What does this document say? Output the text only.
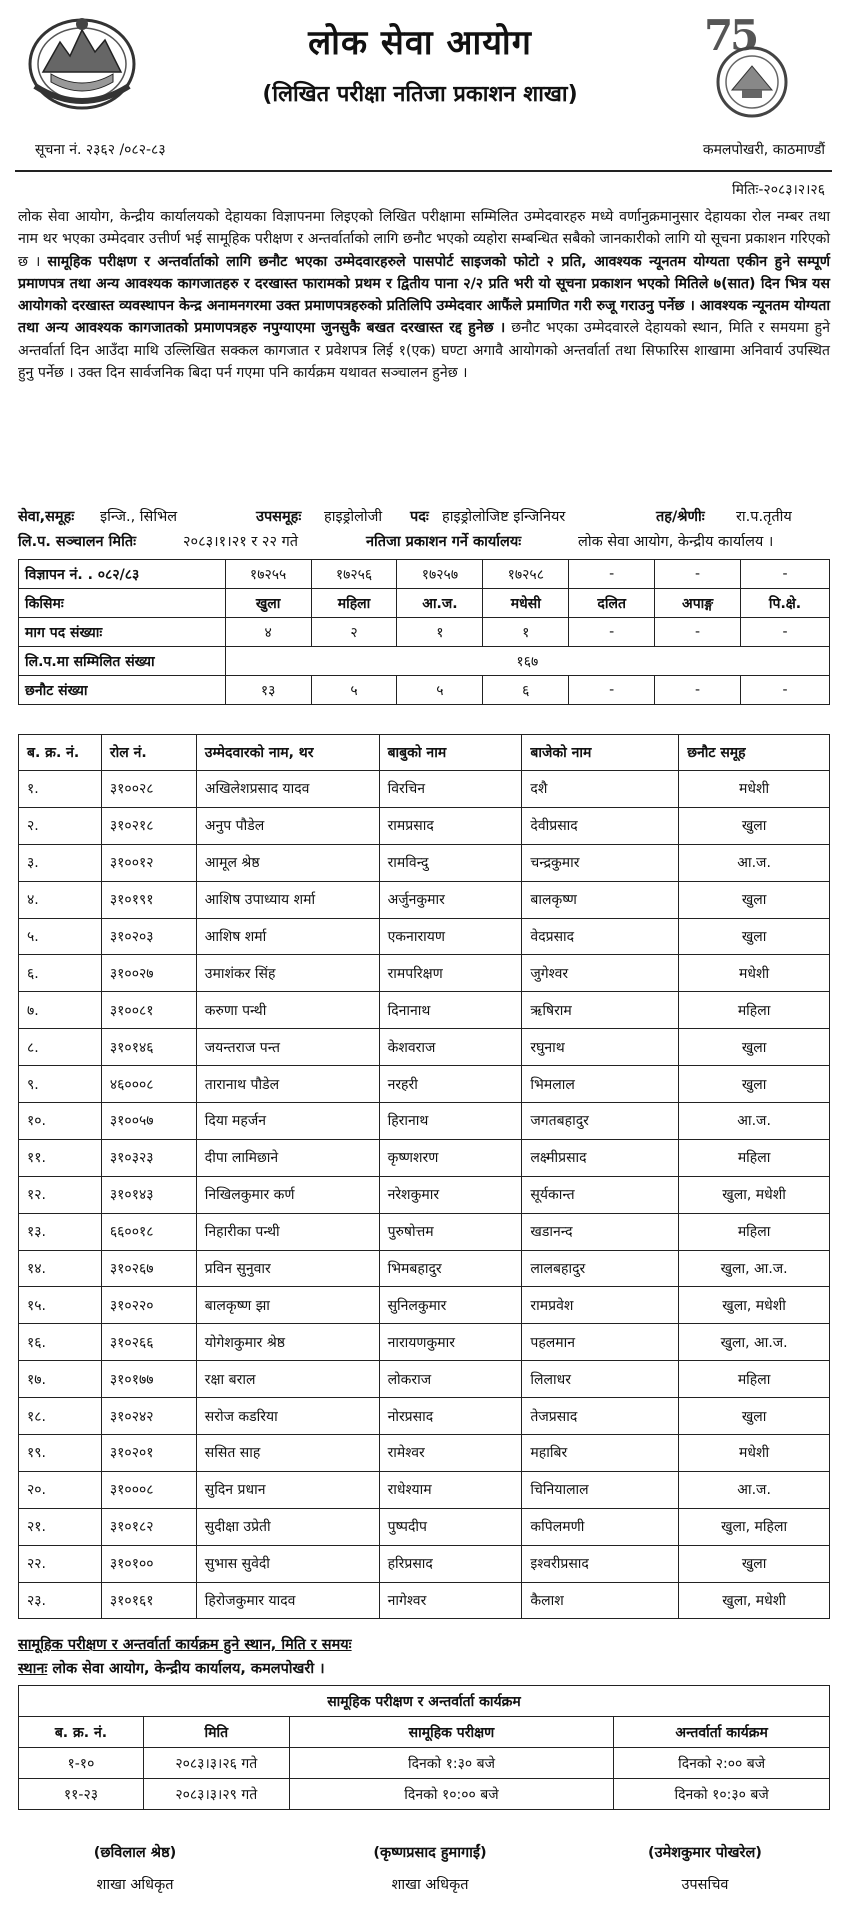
लोक सेवा आयोग
(लिखित परीक्षा नतिजा प्रकाशन शाखा)
7
5
सूचना नं. २३६२ /०८२-८३	कमलपोखरी, काठमाण्डौं
मितिः-२०८३।२।२६
लोक सेवा आयोग, केन्द्रीय कार्यालयको देहायका विज्ञापनमा लिइएको लिखित परीक्षामा सम्मिलित उम्मेदवारहरु मध्ये वर्णानुक्रमानुसार देहायका रोल नम्बर तथा नाम थर भएका उम्मेदवार उत्तीर्ण भई सामूहिक परीक्षण र अन्तर्वार्ताको लागि छनौट भएको व्यहोरा सम्बन्धित सबैको जानकारीको लागि यो सूचना प्रकाशन गरिएको छ । सामूहिक परीक्षण र अन्तर्वार्ताको लागि छनौट भएका उम्मेदवारहरुले पासपोर्ट साइजको फोटो २ प्रति, आवश्यक न्यूनतम योग्यता एकीन हुने सम्पूर्ण प्रमाणपत्र तथा अन्य आवश्यक कागजातहरु र दरखास्त फारामको प्रथम र द्वितीय पाना २/२ प्रति भरी यो सूचना प्रकाशन भएको मितिले ७(सात) दिन भित्र यस आयोगको दरखास्त व्यवस्थापन केन्द्र अनामनगरमा उक्त प्रमाणपत्रहरुको प्रतिलिपि उम्मेदवार आफैंले प्रमाणित गरी रुजू गराउनु पर्नेछ । आवश्यक न्यूनतम योग्यता तथा अन्य आवश्यक कागजातको प्रमाणपत्रहरु नपुग्याएमा जुनसुकै बखत दरखास्त रद्द हुनेछ । छनौट भएका उम्मेदवारले देहायको स्थान, मिति र समयमा हुने अन्तर्वार्ता दिन आउँदा माथि उल्लिखित सक्कल कागजात र प्रवेशपत्र लिई १(एक) घण्टा अगावै आयोगको अन्तर्वार्ता तथा सिफारिस शाखामा अनिवार्य उपस्थित हुनु पर्नेछ । उक्त दिन सार्वजनिक बिदा पर्न गएमा पनि कार्यक्रम यथावत सञ्चालन हुनेछ ।
सेवा,समूहः इन्जि., सिभिल	उपसमूहः हाइड्रोलोजी पदः हाइड्रोलोजिष्ट इन्जिनियर	तह/श्रेणीः रा.प.तृतीय
लि.प. सञ्चालन मितिः	२०८३।१।२१ र २२ गते	नतिजा प्रकाशन गर्ने कार्यालयः	लोक सेवा आयोग, केन्द्रीय कार्यालय ।
विज्ञापन नं. . ०८२/८३	१७२५५	१७२५६	१७२५७	१७२५८	-	-	-
किसिमः	खुला	महिला	आ.ज.	मधेसी	दलित	अपाङ्ग	पि.क्षे.
माग पद संख्याः	४	२	१	१	-	-	-
लि.प.मा सम्मिलित संख्या	१६७						
छनौट संख्या	१३	५	५	६	-	-	-
ब. क्र. नं.	रोल नं.	उम्मेदवारको नाम, थर	बाबुको नाम	बाजेको नाम	छनौट समूह
१.	३१००२८	अखिलेशप्रसाद यादव	विरचिन	दशै	मधेशी
२.	३१०२१८	अनुप पौडेल	रामप्रसाद	देवीप्रसाद	खुला
३.	३१००१२	आमूल श्रेष्ठ	रामविन्दु	चन्द्रकुमार	आ.ज.
४.	३१०१९१	आशिष उपाध्याय शर्मा	अर्जुनकुमार	बालकृष्ण	खुला
५.	३१०२०३	आशिष शर्मा	एकनारायण	वेदप्रसाद	खुला
६.	३१००२७	उमाशंकर सिंह	रामपरिक्षण	जुगेश्वर	मधेशी
७.	३१००८१	करुणा पन्थी	दिनानाथ	ऋषिराम	महिला
८.	३१०१४६	जयन्तराज पन्त	केशवराज	रघुनाथ	खुला
९.	४६०००८	तारानाथ पौडेल	नरहरी	भिमलाल	खुला
१०.	३१००५७	दिया महर्जन	हिरानाथ	जगतबहादुर	आ.ज.
११.	३१०३२३	दीपा लामिछाने	कृष्णशरण	लक्ष्मीप्रसाद	महिला
१२.	३१०१४३	निखिलकुमार कर्ण	नरेशकुमार	सूर्यकान्त	खुला, मधेशी
१३.	६६००१८	निहारीका पन्थी	पुरुषोत्तम	खडानन्द	महिला
१४.	३१०२६७	प्रविन सुनुवार	भिमबहादुर	लालबहादुर	खुला, आ.ज.
१५.	३१०२२०	बालकृष्ण झा	सुनिलकुमार	रामप्रवेश	खुला, मधेशी
१६.	३१०२६६	योगेशकुमार श्रेष्ठ	नारायणकुमार	पहलमान	खुला, आ.ज.
१७.	३१०१७७	रक्षा बराल	लोकराज	लिलाधर	महिला
१८.	३१०२४२	सरोज कडरिया	नोरप्रसाद	तेजप्रसाद	खुला
१९.	३१०२०१	ससित साह	रामेश्वर	महाबिर	मधेशी
२०.	३१०००८	सुदिन प्रधान	राधेश्याम	चिनियालाल	आ.ज.
२१.	३१०१८२	सुदीक्षा उप्रेती	पुष्पदीप	कपिलमणी	खुला, महिला
२२.	३१०१००	सुभास सुवेदी	हरिप्रसाद	इश्वरीप्रसाद	खुला
२३.	३१०१६१	हिरोजकुमार यादव	नागेश्वर	कैलाश	खुला, मधेशी
सामूहिक परीक्षण र अन्तर्वार्ता कार्यक्रम हुने स्थान, मिति र समयः
स्थानः लोक सेवा आयोग, केन्द्रीय कार्यालय, कमलपोखरी ।
सामूहिक परीक्षण र अन्तर्वार्ता कार्यक्रम			
ब. क्र. नं.	मिति	सामूहिक परीक्षण	अन्तर्वार्ता कार्यक्रम
१-१०	२०८३।३।२६ गते	दिनको १:३० बजे	दिनको २:०० बजे
११-२३	२०८३।३।२९ गते	दिनको १०:०० बजे	दिनको १०:३० बजे
(छविलाल श्रेष्ठ)
शाखा अधिकृत
(कृष्णप्रसाद हुमागाईं)
शाखा अधिकृत
(उमेशकुमार पोखरेल)
उपसचिव
